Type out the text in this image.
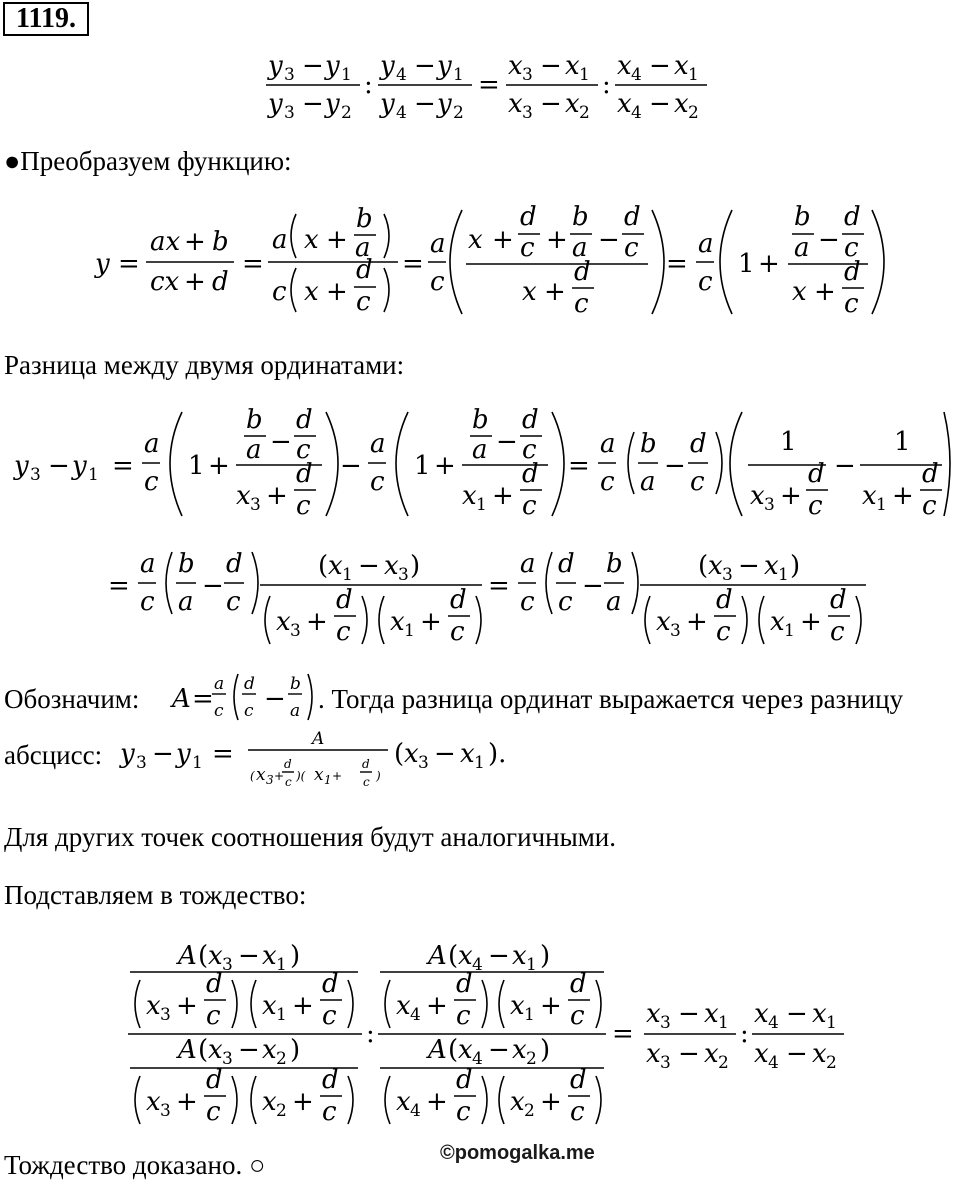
1119.
y 3 − y 1
y 3 − y 2
:
y 4 − y 1
y 4 − y 2
=
x 3 − x 1
x 3 − x 2
:
x 4 − x 1
x 4 − x 2
y =
ax + b
cx + d
=
a x +
b
a
c x +
d
c
=
a
c
x +
d
c +
b
a −
d
c
x +
d
c
=
a
c
1 +
b
a −
d
c
x +
d
c
y 3 − y 1 =
a
c
1 +
b
a −
d
c
x 3 +
d
c
−
a
c
1 +
b
a −
d
c
x 1 +
d
c
=
a
c
b
a
−
d
c
1
x 3 +
d
c
−
1
x 1 +
d
c
=
a
c
b
a
−
d
c
( x 1 − x 3 )
x 3 +
d
c x 1 +
d
c
=
a
c
d
c
−
b
a
( x 3 − x 1 )
x 3 +
d
c x 1 +
d
c
A = a
c
d
c − b
a
y 3 − y 1 =	A
( x 3 +
d
c )( x 1 +
d
c )
( x 3 − x 1 ).
A ( x 3 − x 1 )
x 3 +
d
c x 1 +
d
c
A ( x 3 − x 2 )
x 3 +
d
c x 2 +
d
c
:
A ( x 4 − x 1 )
x 4 +
d
c x 1 +
d
c
A ( x 4 − x 2 )
x 4 +
d
c x 2 +
d
c
=
x 3 − x 1
x 3 − x 2
:
x 4 − x 1
x 4 − x 2
●Преобразуем функцию:
Разница между двумя ординатами:
Обозначим:	. Тогда разница ординат выражается через разницу
абсцисс:
Для других точек соотношения будут аналогичными.
Подставляем в тождество:
Тождество доказано. ○	©pomogalka.me
